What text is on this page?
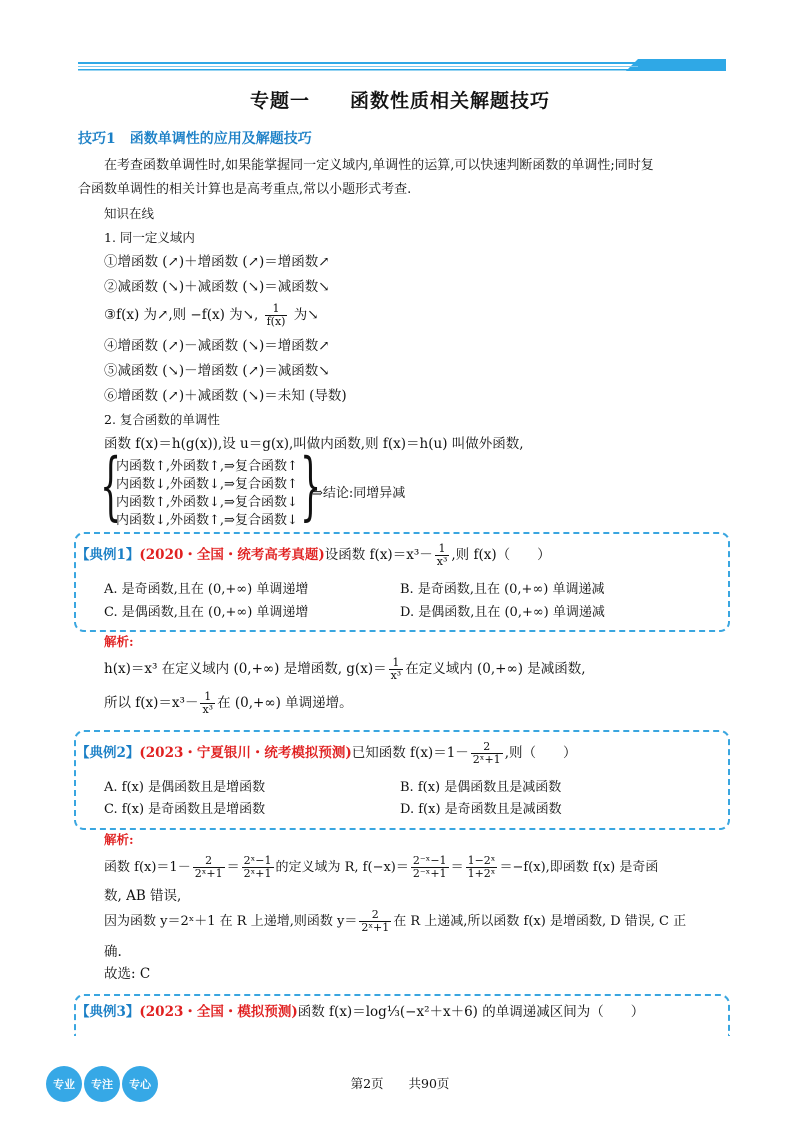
专题一　　函数性质相关解题技巧
技巧1　函数单调性的应用及解题技巧
在考查函数单调性时,如果能掌握同一定义域内,单调性的运算,可以快速判断函数的单调性;同时复
合函数单调性的相关计算也是高考重点,常以小题形式考查.
知识在线
1. 同一定义域内
①增函数 (↗)＋增函数 (↗)＝增函数↗
②减函数 (↘)＋减函数 (↘)＝减函数↘
③f(x) 为↗,则 −f(x) 为↘, $\frac{1}{f(x)}$ 为↘
④增函数 (↗)－减函数 (↘)＝增函数↗
⑤减函数 (↘)－增函数 (↗)＝减函数↘
⑥增函数 (↗)＋减函数 (↘)＝未知 (导数)
2. 复合函数的单调性
函数 f(x)＝h(g(x)),设 u＝g(x),叫做内函数,则 f(x)＝h(u) 叫做外函数,
{
内函数↑,外函数↑,⇒复合函数↑
内函数↓,外函数↓,⇒复合函数↑
内函数↑,外函数↓,⇒复合函数↓
内函数↓,外函数↑,⇒复合函数↓ }
⇒结论:同增异减
【典例1】(2020・全国・统考高考真题)设函数 $f(x)=x^3- \frac{1}{\text{x³}}$ ,则 f(x)（　　）
A. 是奇函数,且在 (0,+∞) 单调递增	B. 是奇函数,且在 (0,+∞) 单调递减
C. 是偶函数,且在 (0,+∞) 单调递增	D. 是偶函数,且在 (0,+∞) 单调递减
解析:
h(x)＝x³ 在定义域内 (0,+∞) 是增函数, $g(x)= \frac{1}{\text{x³}}$ 在定义域内 (0,+∞) 是减函数,
所以 $f(x)=x^3- \frac{1}{\text{x³}}$ 在 (0,+∞) 单调递增。
【典例2】(2023・宁夏银川・统考模拟预测)已知函数 $f(x)=1- \frac{2}{\text{2ˣ+1}}$ ,则（　　）
A. f(x) 是偶函数且是增函数	B. f(x) 是偶函数且是减函数
C. f(x) 是奇函数且是增函数	D. f(x) 是奇函数且是减函数
解析:
函数 $f(x)=1- \frac{2}{\text{2ˣ+1}} = \frac{\text{2ˣ−1}}{\text{2ˣ+1}}$ 的定义域为 R, $f(-x)= \frac{\text{2⁻ˣ−1}}{\text{2⁻ˣ+1}} = \frac{\text{1−2ˣ}}{\text{1+2ˣ}} =-f(x)$,即函数 f(x) 是奇函
数, AB 错误,
因为函数 y＝2ˣ＋1 在 R 上递增,则函数 $y= \frac{2}{\text{2ˣ+1}}$ 在 R 上递减,所以函数 f(x) 是增函数, D 错误, C 正
确.
故选: C
【典例3】(2023・全国・模拟预测)函数 f(x)＝log⅓(−x²＋x＋6) 的单调递减区间为（　　）
专业	专注	专心	第2页　　共90页
